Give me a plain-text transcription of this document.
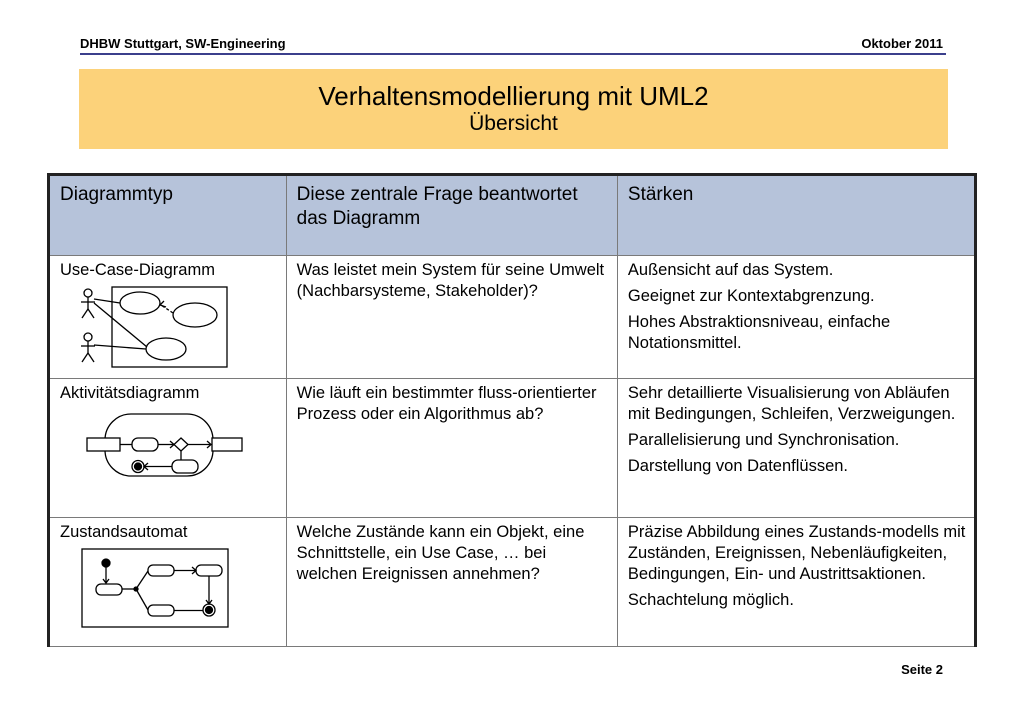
DHBW Stuttgart, SW-Engineering	Oktober 2011
Verhaltensmodellierung mit UML2
Übersicht
Diagrammtyp	Diese zentrale Frage beantwortet das Diagramm	Stärken

Use-Case-Diagramm	Was leistet mein System für seine Umwelt (Nachbarsysteme, Stakeholder)?	Außensicht auf das System.

Geeignet zur Kontextabgrenzung.

Hohes Abstraktionsniveau, einfache Notationsmittel.

Aktivitätsdiagramm	Wie läuft ein bestimmter fluss-orientierter Prozess oder ein Algorithmus ab?	Sehr detaillierte Visualisierung von Abläufen mit Bedingungen, Schleifen, Verzweigungen.

Parallelisierung und Synchronisation.

Darstellung von Datenflüssen.

Zustandsautomat	Welche Zustände kann ein Objekt, eine Schnittstelle, ein Use Case, … bei welchen Ereignissen annehmen?	Präzise Abbildung eines Zustands-modells mit Zuständen, Ereignissen, Nebenläufigkeiten, Bedingungen, Ein- und Austrittsaktionen.

Schachtelung möglich.

Seite 2
